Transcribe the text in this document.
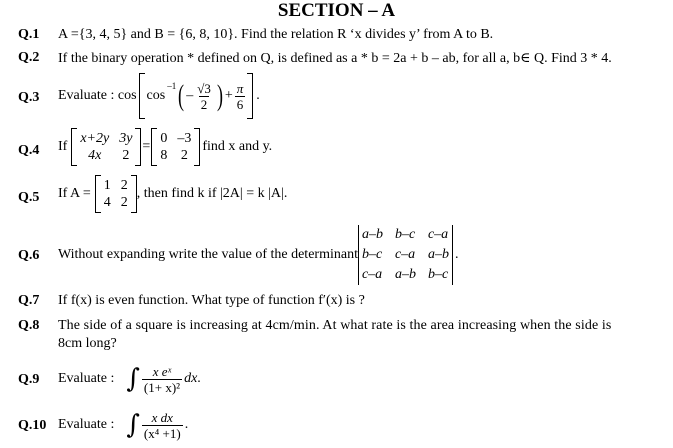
SECTION – A
Q.1 A ={3, 4, 5} and B = {6, 8, 10}. Find the relation R ‘x divides y’ from A to B.
Q.2 If the binary operation * defined on Q, is defined as a * b = 2a + b – ab, for all a, b∈ Q. Find 3 * 4.
Q.3 Evaluate : cos cos
$^{-1}$ ( – $\frac{√3}{2}$ ) + $\frac{\pi}{6}$ .
Q.4 If
x+2y 3y
4x	2
=
0 –3
8 2
find x and y.
Q.5 If A =
1 2
4 2
, then find k if |2A| = k |A|.
Q.6 Without expanding write the value of the determinant
a–b b–c c–a
b–c c–a a–b
c–a a–b b–c
.
Q.7 If f(x) is even function. What type of function f′(x) is ?
Q.8 The side of a square is increasing at 4cm/min. At what rate is the area increasing when the side is
8cm long?
Q.9 Evaluate : ∫ $\frac{\text{x eˣ}}{\text{(1+ x)²}}$ dx .
Q.10 Evaluate : ∫ $\frac{\text{x dx}}{\text{(x⁴ +1)}}$ .
